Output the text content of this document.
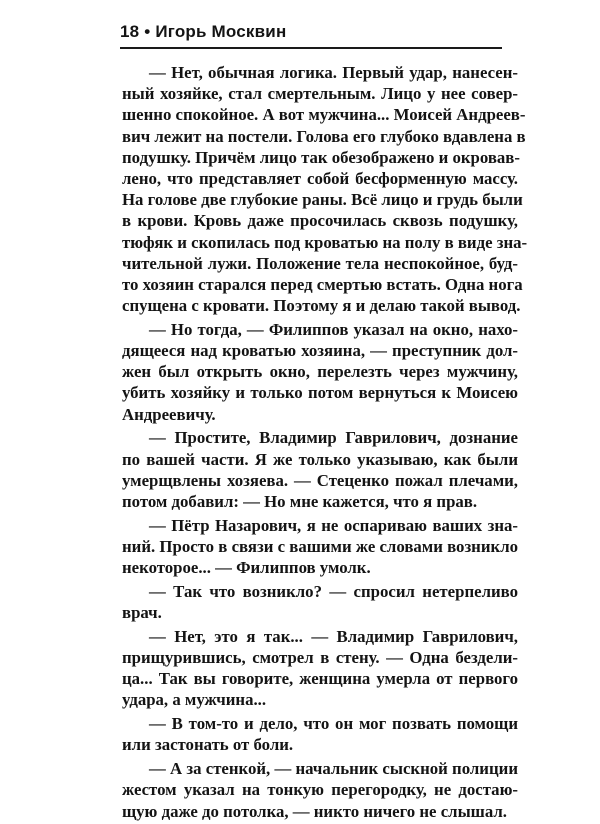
18 • Игорь Москвин
— Нет, обычная логика. Первый удар, нанесен-
ный хозяйке, стал смертельным. Лицо у нее совер-
шенно спокойное. А вот мужчина... Моисей Андреев-
вич лежит на постели. Голова его глубоко вдавлена в
подушку. Причём лицо так обезображено и окровав-
лено, что представляет собой бесформенную массу.
На голове две глубокие раны. Всё лицо и грудь были
в крови. Кровь даже просочилась сквозь подушку,
тюфяк и скопилась под кроватью на полу в виде зна-
чительной лужи. Положение тела неспокойное, буд-
то хозяин старался перед смертью встать. Одна нога
спущена с кровати. Поэтому я и делаю такой вывод.
— Но тогда, — Филиппов указал на окно, нахо-
дящееся над кроватью хозяина, — преступник дол-
жен был открыть окно, перелезть через мужчину,
убить хозяйку и только потом вернуться к Моисею
Андреевичу.
— Простите, Владимир Гаврилович, дознание
по вашей части. Я же только указываю, как были
умерщвлены хозяева. — Стеценко пожал плечами,
потом добавил: — Но мне кажется, что я прав.
— Пётр Назарович, я не оспариваю ваших зна-
ний. Просто в связи с вашими же словами возникло
некоторое... — Филиппов умолк.
— Так что возникло? — спросил нетерпеливо
врач.
— Нет, это я так... — Владимир Гаврилович,
прищурившись, смотрел в стену. — Одна бездели-
ца... Так вы говорите, женщина умерла от первого
удара, а мужчина...
— В том-то и дело, что он мог позвать помощи
или застонать от боли.
— А за стенкой, — начальник сыскной полиции
жестом указал на тонкую перегородку, не достаю-
щую даже до потолка, — никто ничего не слышал.
